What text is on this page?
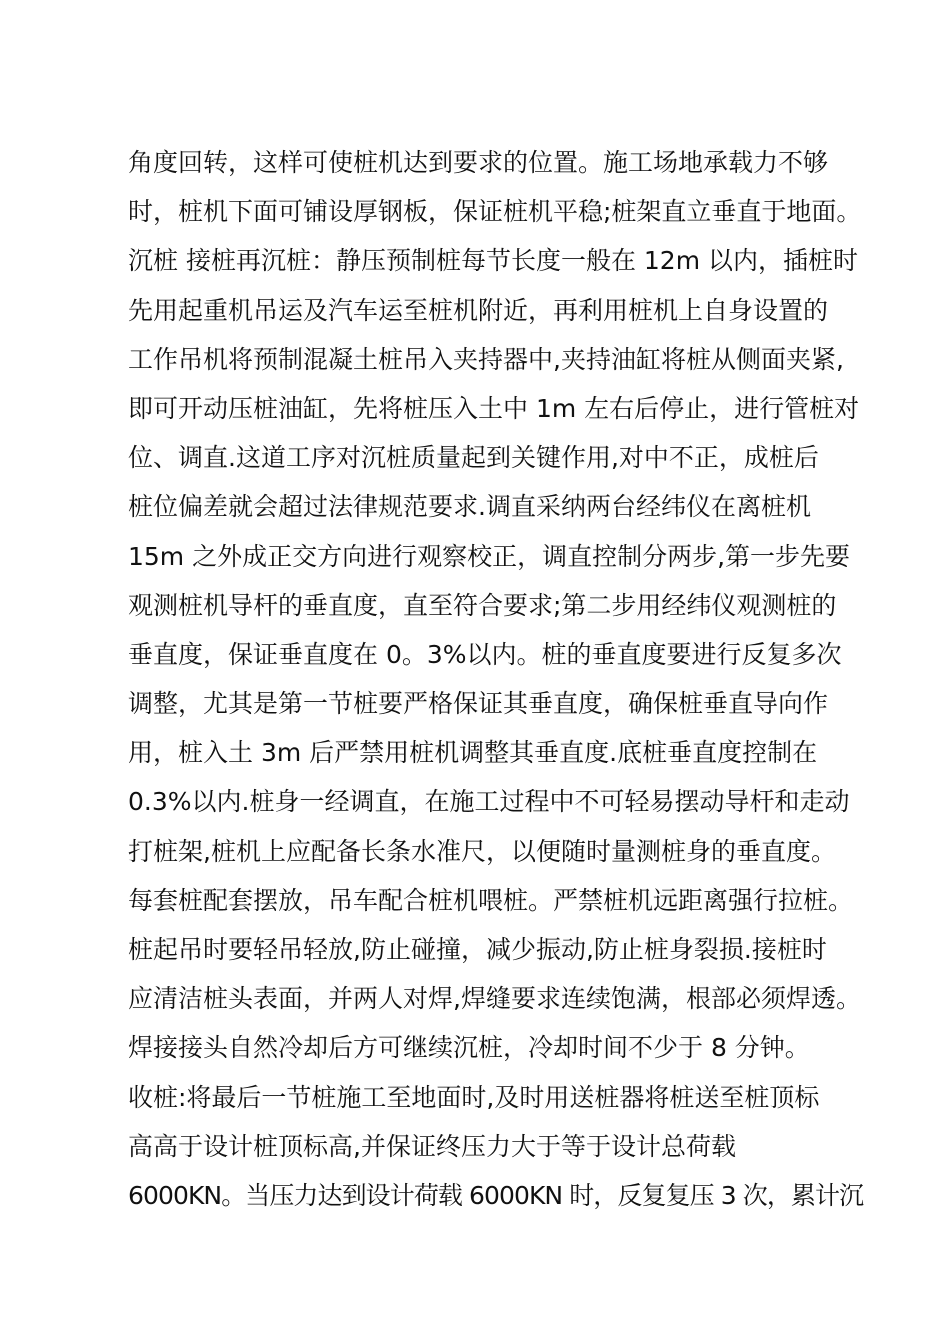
角度回转，这样可使桩机达到要求的位置。施工场地承载力不够
时，桩机下面可铺设厚钢板，保证桩机平稳;桩架直立垂直于地面。
沉桩 接桩再沉桩：静压预制桩每节长度一般在 12m 以内，插桩时
先用起重机吊运及汽车运至桩机附近，再利用桩机上自身设置的
工作吊机将预制混凝土桩吊入夹持器中,夹持油缸将桩从侧面夹紧,
即可开动压桩油缸，先将桩压入土中 1m 左右后停止，进行管桩对
位、调直.这道工序对沉桩质量起到关键作用,对中不正，成桩后
桩位偏差就会超过法律规范要求.调直采纳两台经纬仪在离桩机
15m 之外成正交方向进行观察校正，调直控制分两步,第一步先要
观测桩机导杆的垂直度，直至符合要求;第二步用经纬仪观测桩的
垂直度，保证垂直度在 0。3%以内。桩的垂直度要进行反复多次
调整，尤其是第一节桩要严格保证其垂直度，确保桩垂直导向作
用，桩入土 3m 后严禁用桩机调整其垂直度.底桩垂直度控制在
0.3%以内.桩身一经调直，在施工过程中不可轻易摆动导杆和走动
打桩架,桩机上应配备长条水准尺，以便随时量测桩身的垂直度。
每套桩配套摆放，吊车配合桩机喂桩。严禁桩机远距离强行拉桩。
桩起吊时要轻吊轻放,防止碰撞，减少振动,防止桩身裂损.接桩时
应清洁桩头表面，并两人对焊,焊缝要求连续饱满，根部必须焊透。
焊接接头自然冷却后方可继续沉桩，冷却时间不少于 8 分钟。
收桩:将最后一节桩施工至地面时,及时用送桩器将桩送至桩顶标
高高于设计桩顶标高,并保证终压力大于等于设计总荷载
6000KN。当压力达到设计荷载 6000KN 时，反复复压 3 次，累计沉
